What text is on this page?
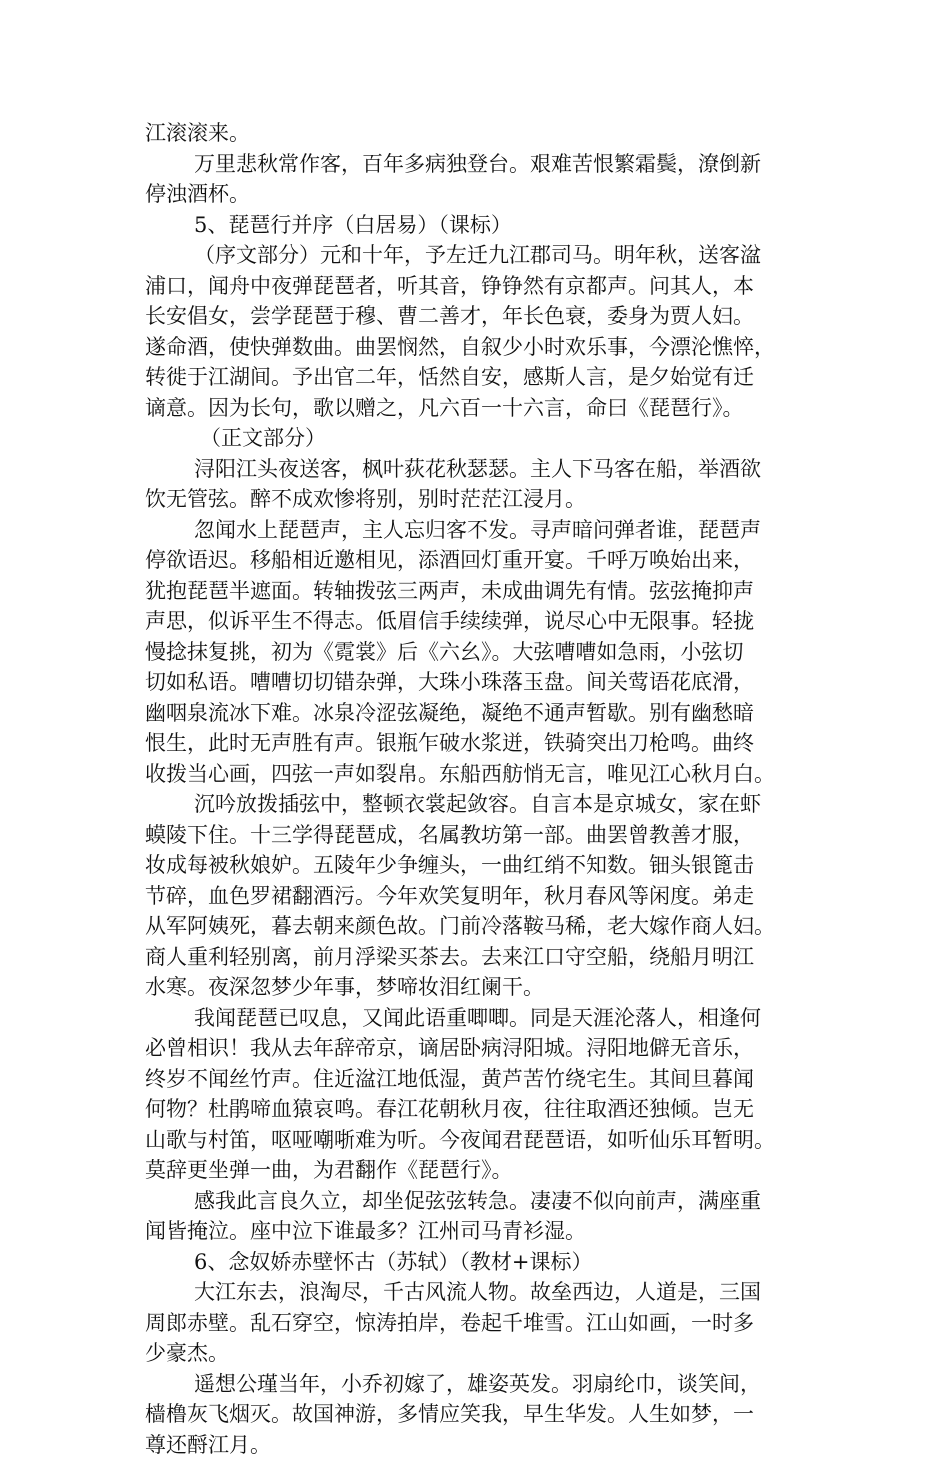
江滚滚来。
万里悲秋常作客，百年多病独登台。艰难苦恨繁霜鬓，潦倒新
停浊酒杯。
5、琵琶行并序（白居易）（课标）
（序文部分）元和十年，予左迁九江郡司马。明年秋，送客湓
浦口，闻舟中夜弹琵琶者，听其音，铮铮然有京都声。问其人，本
长安倡女，尝学琵琶于穆、曹二善才，年长色衰，委身为贾人妇。
遂命酒，使快弹数曲。曲罢悯然，自叙少小时欢乐事，今漂沦憔悴，
转徙于江湖间。予出官二年，恬然自安，感斯人言，是夕始觉有迁
谪意。因为长句，歌以赠之，凡六百一十六言，命曰《琵琶行》。
（正文部分）
浔阳江头夜送客，枫叶荻花秋瑟瑟。主人下马客在船，举酒欲
饮无管弦。醉不成欢惨将别，别时茫茫江浸月。
忽闻水上琵琶声，主人忘归客不发。寻声暗问弹者谁，琵琶声
停欲语迟。移船相近邀相见，添酒回灯重开宴。千呼万唤始出来，
犹抱琵琶半遮面。转轴拨弦三两声，未成曲调先有情。弦弦掩抑声
声思，似诉平生不得志。低眉信手续续弹，说尽心中无限事。轻拢
慢捻抹复挑，初为《霓裳》后《六幺》。大弦嘈嘈如急雨，小弦切
切如私语。嘈嘈切切错杂弹，大珠小珠落玉盘。间关莺语花底滑，
幽咽泉流冰下难。冰泉冷涩弦凝绝，凝绝不通声暂歇。别有幽愁暗
恨生，此时无声胜有声。银瓶乍破水浆迸，铁骑突出刀枪鸣。曲终
收拨当心画，四弦一声如裂帛。东船西舫悄无言，唯见江心秋月白。
沉吟放拨插弦中，整顿衣裳起敛容。自言本是京城女，家在虾
蟆陵下住。十三学得琵琶成，名属教坊第一部。曲罢曾教善才服，
妆成每被秋娘妒。五陵年少争缠头，一曲红绡不知数。钿头银篦击
节碎，血色罗裙翻酒污。今年欢笑复明年，秋月春风等闲度。弟走
从军阿姨死，暮去朝来颜色故。门前冷落鞍马稀，老大嫁作商人妇。
商人重利轻别离，前月浮梁买茶去。去来江口守空船，绕船月明江
水寒。夜深忽梦少年事，梦啼妆泪红阑干。
我闻琵琶已叹息，又闻此语重唧唧。同是天涯沦落人，相逢何
必曾相识！我从去年辞帝京，谪居卧病浔阳城。浔阳地僻无音乐，
终岁不闻丝竹声。住近湓江地低湿，黄芦苦竹绕宅生。其间旦暮闻
何物？杜鹃啼血猿哀鸣。春江花朝秋月夜，往往取酒还独倾。岂无
山歌与村笛，呕哑嘲哳难为听。今夜闻君琵琶语，如听仙乐耳暂明。
莫辞更坐弹一曲，为君翻作《琵琶行》。
感我此言良久立，却坐促弦弦转急。凄凄不似向前声，满座重
闻皆掩泣。座中泣下谁最多？江州司马青衫湿。
6、念奴娇赤壁怀古（苏轼）（教材+课标）
大江东去，浪淘尽，千古风流人物。故垒西边，人道是，三国
周郎赤壁。乱石穿空，惊涛拍岸，卷起千堆雪。江山如画，一时多
少豪杰。
遥想公瑾当年，小乔初嫁了，雄姿英发。羽扇纶巾，谈笑间，
樯橹灰飞烟灭。故国神游，多情应笑我，早生华发。人生如梦，一
尊还酹江月。
